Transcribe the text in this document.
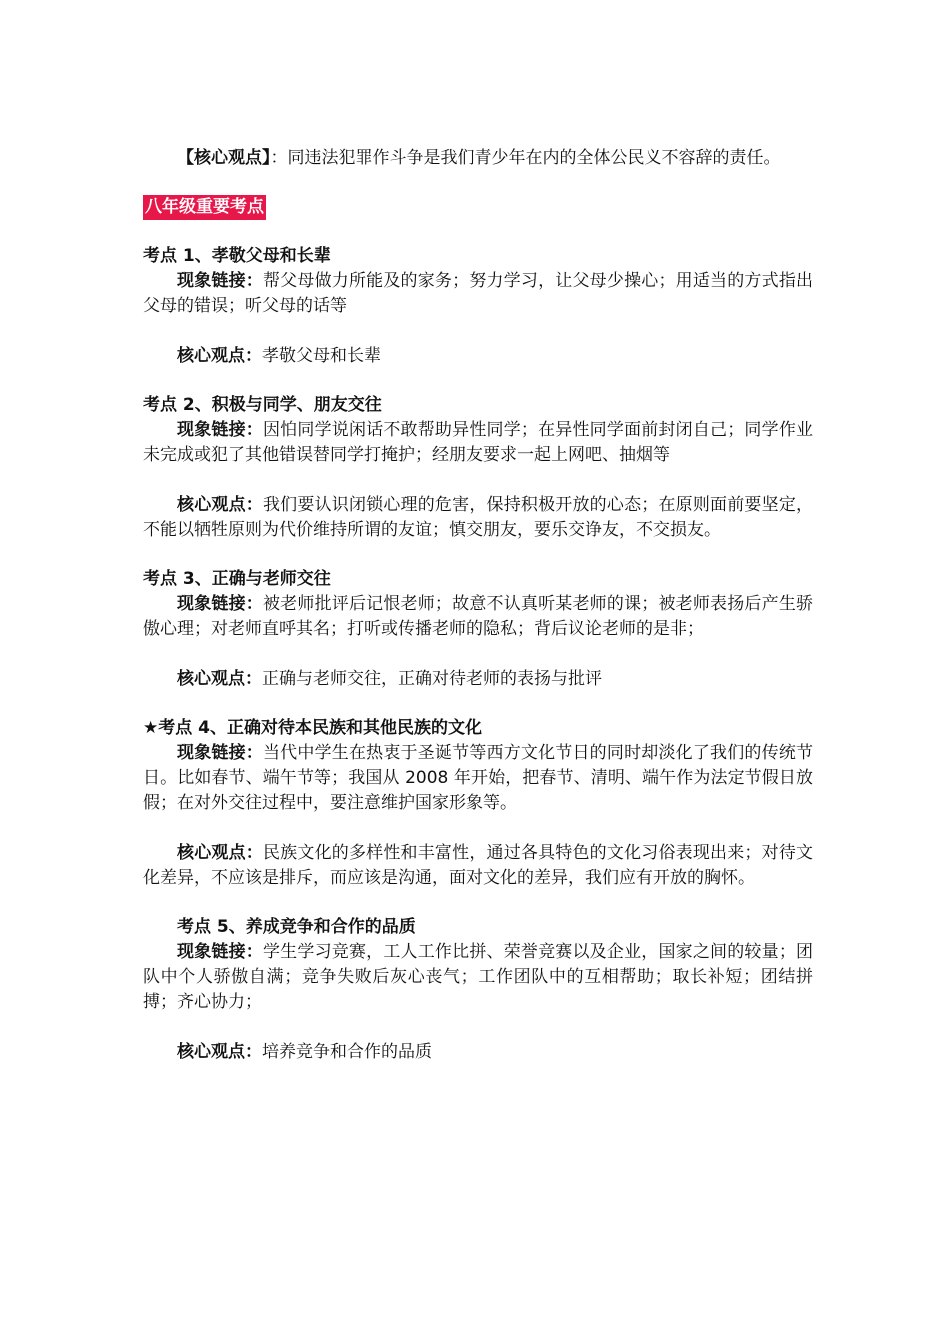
【核心观点】：同违法犯罪作斗争是我们青少年在内的全体公民义不容辞的责任。

八年级重要考点

考点 1、孝敬父母和长辈

现象链接：帮父母做力所能及的家务；努力学习，让父母少操心；用适当的方式指出父母的错误；听父母的话等

核心观点：孝敬父母和长辈

考点 2、积极与同学、朋友交往

现象链接：因怕同学说闲话不敢帮助异性同学；在异性同学面前封闭自己；同学作业未完成或犯了其他错误替同学打掩护；经朋友要求一起上网吧、抽烟等

核心观点：我们要认识闭锁心理的危害，保持积极开放的心态；在原则面前要坚定，不能以牺牲原则为代价维持所谓的友谊；慎交朋友，要乐交诤友，不交损友。

考点 3、正确与老师交往

现象链接：被老师批评后记恨老师；故意不认真听某老师的课；被老师表扬后产生骄傲心理；对老师直呼其名；打听或传播老师的隐私；背后议论老师的是非；

核心观点：正确与老师交往，正确对待老师的表扬与批评

★考点 4、正确对待本民族和其他民族的文化

现象链接：当代中学生在热衷于圣诞节等西方文化节日的同时却淡化了我们的传统节日。比如春节、端午节等；我国从 2008 年开始，把春节、清明、端午作为法定节假日放假；在对外交往过程中，要注意维护国家形象等。

核心观点：民族文化的多样性和丰富性，通过各具特色的文化习俗表现出来；对待文化差异，不应该是排斥，而应该是沟通，面对文化的差异，我们应有开放的胸怀。

考点 5、养成竞争和合作的品质

现象链接：学生学习竞赛，工人工作比拼、荣誉竞赛以及企业，国家之间的较量；团队中个人骄傲自满；竞争失败后灰心丧气；工作团队中的互相帮助；取长补短；团结拼搏；齐心协力；

核心观点：培养竞争和合作的品质
